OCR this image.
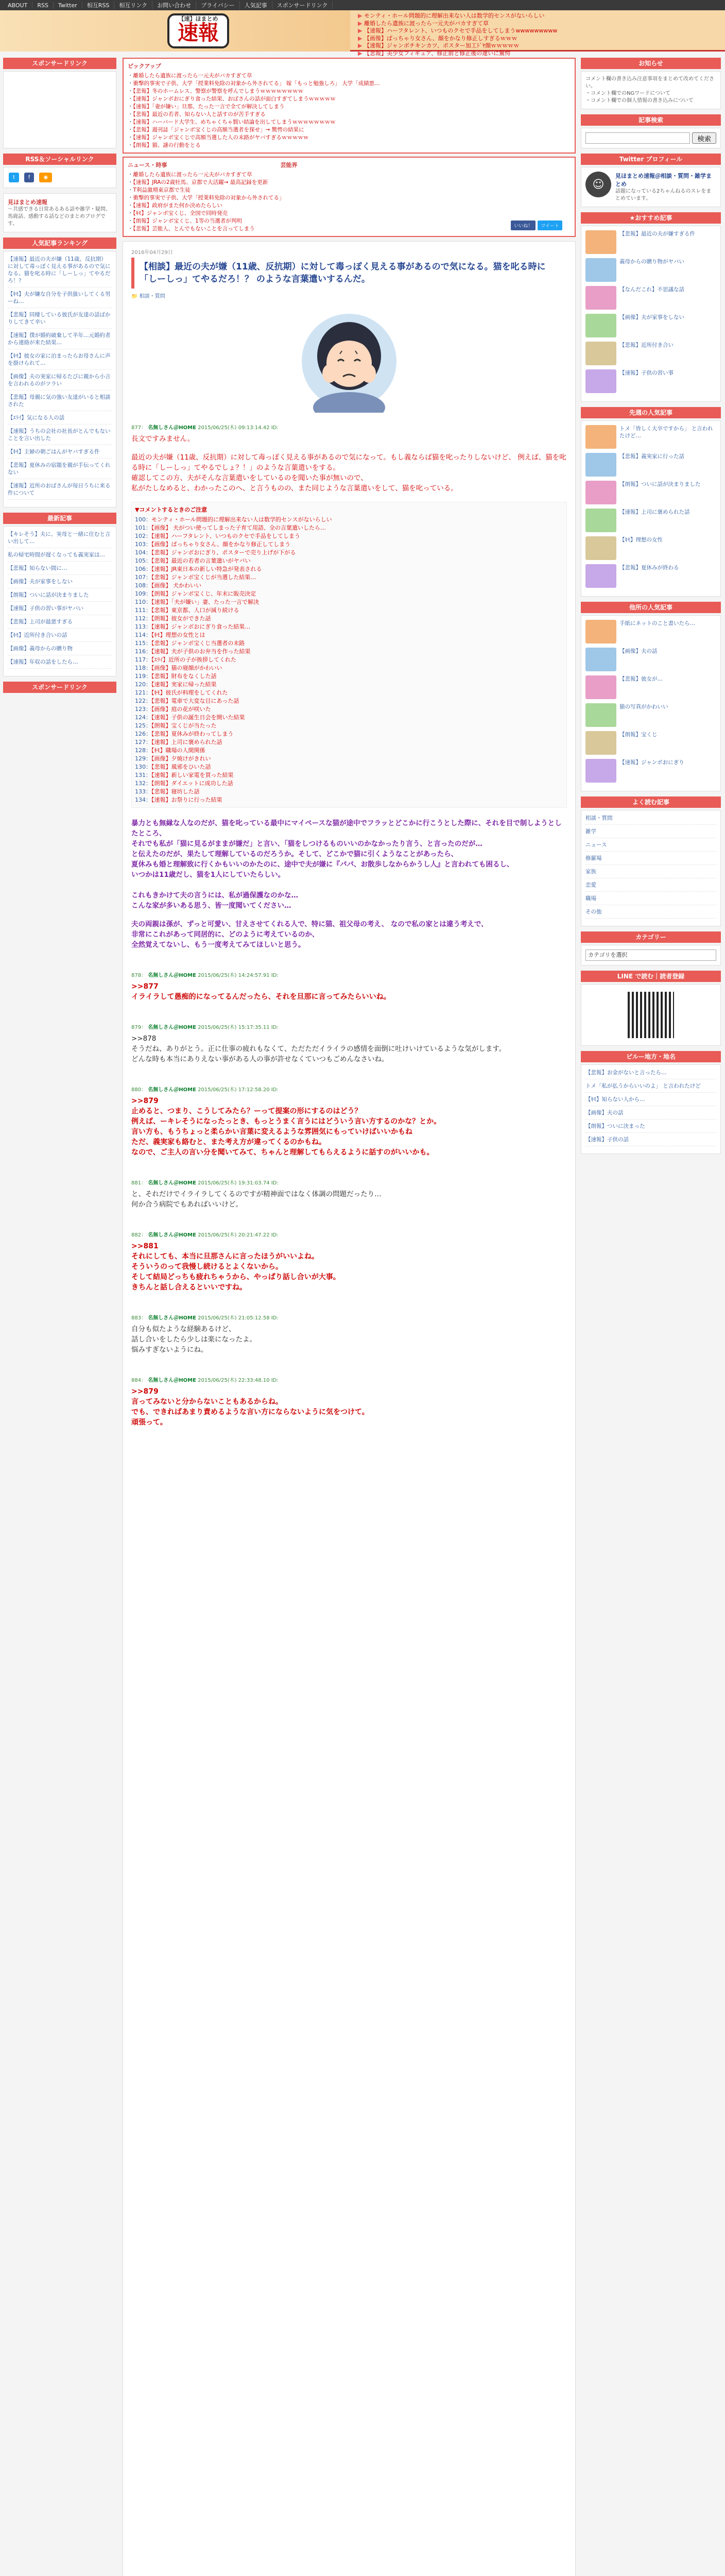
ABOUT	RSS	Twitter	相互RSS	相互リンク	お問い合わせ	プライバシー	人気記事	スポンサードリンク
【速】ほまとめ
速報
▶ モンティ・ホール問題的に理解出来ない人は数学的センスがないらしい
▶ 離婚したら遺族に渡ったら一元夫がバカすぎて草
▶ 【速報】ハーフタレント、いつものクセで手品をしてしまうwwwwwwwww
▶ 【画像】ぱっちゃり女さん、顔をかなり修正しすぎるｗｗｗ
▶ 【速報】ジャンボチキンカツ、ポスター加工ﾄﾞﾔ顔ｗｗｗｗｗ
▶ 【悲報】美少女フィギュア、修正前と修正後の違いに驚愕
スポンサードリンク
RSS＆ソーシャルリンク
t	f	◉
見ほまとめ速報
〜共感できる日常あるある話や雑学・疑問、馬鹿話、感動する話などのまとめブログです。
人気記事ランキング
【速報】最近の夫が嫌（11歳、反抗期）に対して毒っぽく見える事があるので気になる。猫を叱る時に「しーしっ」てやるだろ！？
【ｷﾓ】夫が嫌な自分を子供扱いしてくる男ーね…
【悲報】同棲している彼氏が友達の話ばかりしてきて辛い
【速報】僕が婚約破棄して半年…元婚約者から連絡が来た結果…
【ｷﾓ】彼女の家に泊まったらお母さんに声を掛けられて…
【画像】夫の実家に帰るたびに親から小言を言われるのがツラい
【悲報】母親に気の強い友達がいると相談された
【ｴﾗｲ】気になる人の話
【速報】うちの会社の社長がとんでもないことを言い出した
【ｷﾓ】主婦の朝ごはんがヤバすぎる件
【悲報】夏休みの宿題を親が手伝ってくれない
【速報】近所のおばさんが毎日うちに来る件について
最新記事
【キレそう】夫に、実母と一緒に住むと言い出して…
私の帰宅時間が遅くなっても義実家は…
【悲報】知らない間に…
【画像】夫が家事をしない
【朗報】ついに話が決まりました
【速報】子供の習い事がヤバい
【悲報】上司が最悪すぎる
【ｷﾓ】近所付き合いの話
【画像】義母からの贈り物
【速報】年収の話をしたら…
スポンサードリンク
ピックアップ
・ 離婚したら遺族に渡ったら一元夫がバカすぎて草
・ 衝撃的事実で子供、大学「授業料免除の対象から外されてる」 嫁「もっと勉強しろ」 大学「成績悪…
・ 【悲報】冬のホームレス、警察が警察を呼んでしまうｗｗｗｗｗｗｗｗ
・ 【速報】ジャンボおにぎり食った結果、おばさんの話が面白すぎてしまうｗｗｗｗｗ
・ 【速報】「妻が嫌い」旦那、たった一言で全てが解決してしまう
・ 【悲報】最近の若者、知らない人と話すのが苦手すぎる
・ 【速報】ハーバード大学生、めちゃくちゃ賢い結論を出してしまうｗｗｗｗｗｗｗｗ
・ 【悲報】週刊誌「ジャンボ宝くじの高額当選者を探せ」→ 驚愕の結果に
・ 【速報】ジャンボ宝くじで高額当選した人の末路がヤバすぎるｗｗｗｗｗ
・ 【朗報】猫、謎の行動をとる
ニュース・時事　　　　　　　　　　　　　　　　　　　　	芸能界
・ 離婚したら遺族に渡ったら一元夫がバカすぎて草
・ 【速報】JRAの2歳牡馬、京都で大活躍→ 最高記録を更新
・ T利益激増東京都で生徒
・ 衝撃的事実で子供、大学「授業料免除の対象から外されてる」
・ 【速報】政府がまた何か決めたらしい
・ 【ｷﾓ】ジャンボ宝くじ、全国で同時発売
・ 【朗報】ジャンボ宝くじ、1等の当選者が判明
・ 【悲報】芸能人、とんでもないことを言ってしまう
2016年04月29日
【相談】最近の夫が嫌（11歳、反抗期）に対して毒っぽく見える事があるので気になる。猫を叱る時に「しーしっ」てやるだろ！？ のような言葉遣いするんだ。
📁 相談・質問
いいね！	ツイート
877： 名無しさん＠HOME 2015/06/25(木) 09:13:14.42 ID:
長文ですみません。
最近の夫が嫌（11歳、反抗期）に対して毒っぽく見える事があるので気になって。もし義ならば猫を叱ったりしないけど、 例えば、猫を叱る時に「しーしっ」てやるでしょ？！」のような言葉遣いをする。
確認してこの方、夫がそんな言葉遣いをしているのを聞いた事が無いので、
私がたしなめると、わかったこのへ、と言うものの、また同じような言葉遣いをして、猫を叱っている。
▼コメントするときのご注意
100：モンティ・ホール問題的に理解出来ない人は数学的センスがないらしい
101：【画像】 夫がつい使ってしまった子育て用語、全の言葉遣いしたら…
102：【速報】ハーフタレント、いつものクセで手品をしてしまう
103：【画像】ぱっちゃり女さん、顔をかなり修正してしまう
104：【悲報】ジャンボおにぎり、ポスターで売り上げが下がる
105：【悲報】最近の若者の言葉遣いがヤバい
106：【速報】JR東日本の新しい特急が発表される
107：【悲報】ジャンボ宝くじが当選した結果…
108：【画像】 犬かわいい
109：【朗報】ジャンボ宝くじ、年末に販売決定
110：【速報】「夫が嫌い」妻、たった一言で解決
111：【悲報】東京都、人口が減り続ける
112：【朗報】彼女ができた話
113：【速報】ジャンボおにぎり食った結果…
114：【ｷﾓ】理想の女性とは
115：【悲報】ジャンボ宝くじ当選者の末路
116：【速報】夫が子供のお弁当を作った結果
117：【ｴﾗｲ】近所の子が挨拶してくれた
118：【画像】猫の寝顔がかわいい
119：【悲報】財布をなくした話
120：【速報】実家に帰った結果
121：【ｷﾓ】彼氏が料理をしてくれた
122：【悲報】電車で大変な目にあった話
123：【画像】庭の花が咲いた
124：【速報】子供の誕生日会を開いた結果
125：【朗報】宝くじが当たった
126：【悲報】夏休みが終わってしまう
127：【速報】上司に褒められた話
128：【ｷﾓ】職場の人間関係
129：【画像】夕焼けがきれい
130：【悲報】風邪をひいた話
131：【速報】新しい家電を買った結果
132：【朗報】ダイエットに成功した話
133：【悲報】寝坊した話
134：【速報】お祭りに行った結果
暴力とも無縁な人なのだが、猫を叱っている最中にマイペースな猫が途中でフラッとどこかに行こうとした際に、それを目で制しようとしたところ、
それでも私が「猫に見るがままが嫌だ」と言い、「猫をしつけるものいいのかなかったり言う、と言ったのだが…
と伝えたのだが、果たして理解しているのだろうか。そして、どこかで猫に引くようなことがあったら、
夏休みも婚と理解致に行くかもいいのかたのに、途中で夫が嫌に『パパ、お散歩しなからかうし人』と言われても困るし、
いつかは11歳だし、猫を1人にしていたらしい。

これもきかけて夫の言うには、私が過保護なのかな…
こんな家が多いある思う、皆一度聞いてください…
夫の両親は孫が、ずっと可愛い、甘えさせてくれる人で、特に猫、祖父母の考え、 なので私の家とは違う考えで、
非常にこれがあって同居的に、どのように考えているのか、
全然覚えてないし、もう一度考えてみてほしいと思う。
878： 名無しさん＠HOME 2015/06/25(木) 14:24:57.91 ID:
>>877
イライラして愚痴的になってるんだったら、それを旦那に言ってみたらいいね。
879： 名無しさん＠HOME 2015/06/25(木) 15:17:35.11 ID:
>>878
そうだね、ありがとう。正に仕事の疲れもなくて、ただただイライラの感情を面倒に吐けいけているような気がします。
どんな時も本当にありえない事がある人の事が許せなくていつもごめんなさいね。
880： 名無しさん＠HOME 2015/06/25(木) 17:12:58.20 ID:
>>879
止めると、つまり、こうしてみたら？ーって提案の形にするのはどう？
例えば、ーキレそうになったっとき、もっとうまく言うにはどういう言い方するのかな？とか。
言い方も、もうちょっと柔らかい言葉に変えるような雰囲気にもっていけばいいかもね
ただ、義実家も絡むと、また考え方が違ってくるのかもね。
なので、ご主人の言い分を聞いてみて、ちゃんと理解してもらえるように話すのがいいかも。
881： 名無しさん＠HOME 2015/06/25(木) 19:31:03.74 ID:
と、それだけでイライラしてくるのですが精神面ではなく体調の問題だったり…
何か合う病院でもあればいいけど。
882： 名無しさん＠HOME 2015/06/25(木) 20:21:47.22 ID:
>>881
それにしても、本当に旦那さんに言ったほうがいいよね。
そういうのって我慢し続けるとよくないから。
そして結局どっちも疲れちゃうから、やっぱり話し合いが大事。
きちんと話し合えるといいですね。
883： 名無しさん＠HOME 2015/06/25(木) 21:05:12.58 ID:
自分も似たような経験あるけど、
話し合いをしたら少しは楽になったよ。
悩みすぎないようにね。
884： 名無しさん＠HOME 2015/06/25(木) 22:33:48.10 ID:
>>879
言ってみないと分からないこともあるからね。
でも、できればあまり責めるような言い方にならないように気をつけて。
頑張って。
お知らせ
コメント欄の書き込み注意事項をまとめて改めてください。
・コメント欄でのNGワードについて
・コメント欄での個人情報の書き込みについて
記事検索
検索
Twitter プロフィール
☺
見ほまとめ速報＠相談・質問・雑学まとめ
話題になっている2ちゃんねるのスレをまとめています。
★おすすめ記事
【悲報】最近の夫が嫌すぎる件
義母からの贈り物がヤバい
【なんだこれ】不思議な話
【画像】夫が家事をしない
【悲報】近所付き合い
【速報】子供の習い事
先週の人気記事
トメ「皆しく大卒ですから」 と言われたけど…
【悲報】義実家に行った話
【朗報】ついに話が決まりました
【速報】上司に褒められた話
【ｷﾓ】理想の女性
【悲報】夏休みが終わる
他所の人気記事
手紙にネットのこと書いたら…
【画像】夫の話
【悲報】彼女が…
猫の写真がかわいい
【朗報】宝くじ
【速報】ジャンボおにぎり
よく読む記事
相談・質問
雑学
ニュース
修羅場
家族
恋愛
職場
その他
カテゴリー
カテゴリを選択
LINE で読む｜読者登録
ピルー地方・地名
【悲報】お金がないと言ったら…
トメ「私が払うからいいのよ」 と言われたけど
【ｷﾓ】知らない人から…
【画像】夫の話
【朗報】ついに決まった
【速報】子供の話
